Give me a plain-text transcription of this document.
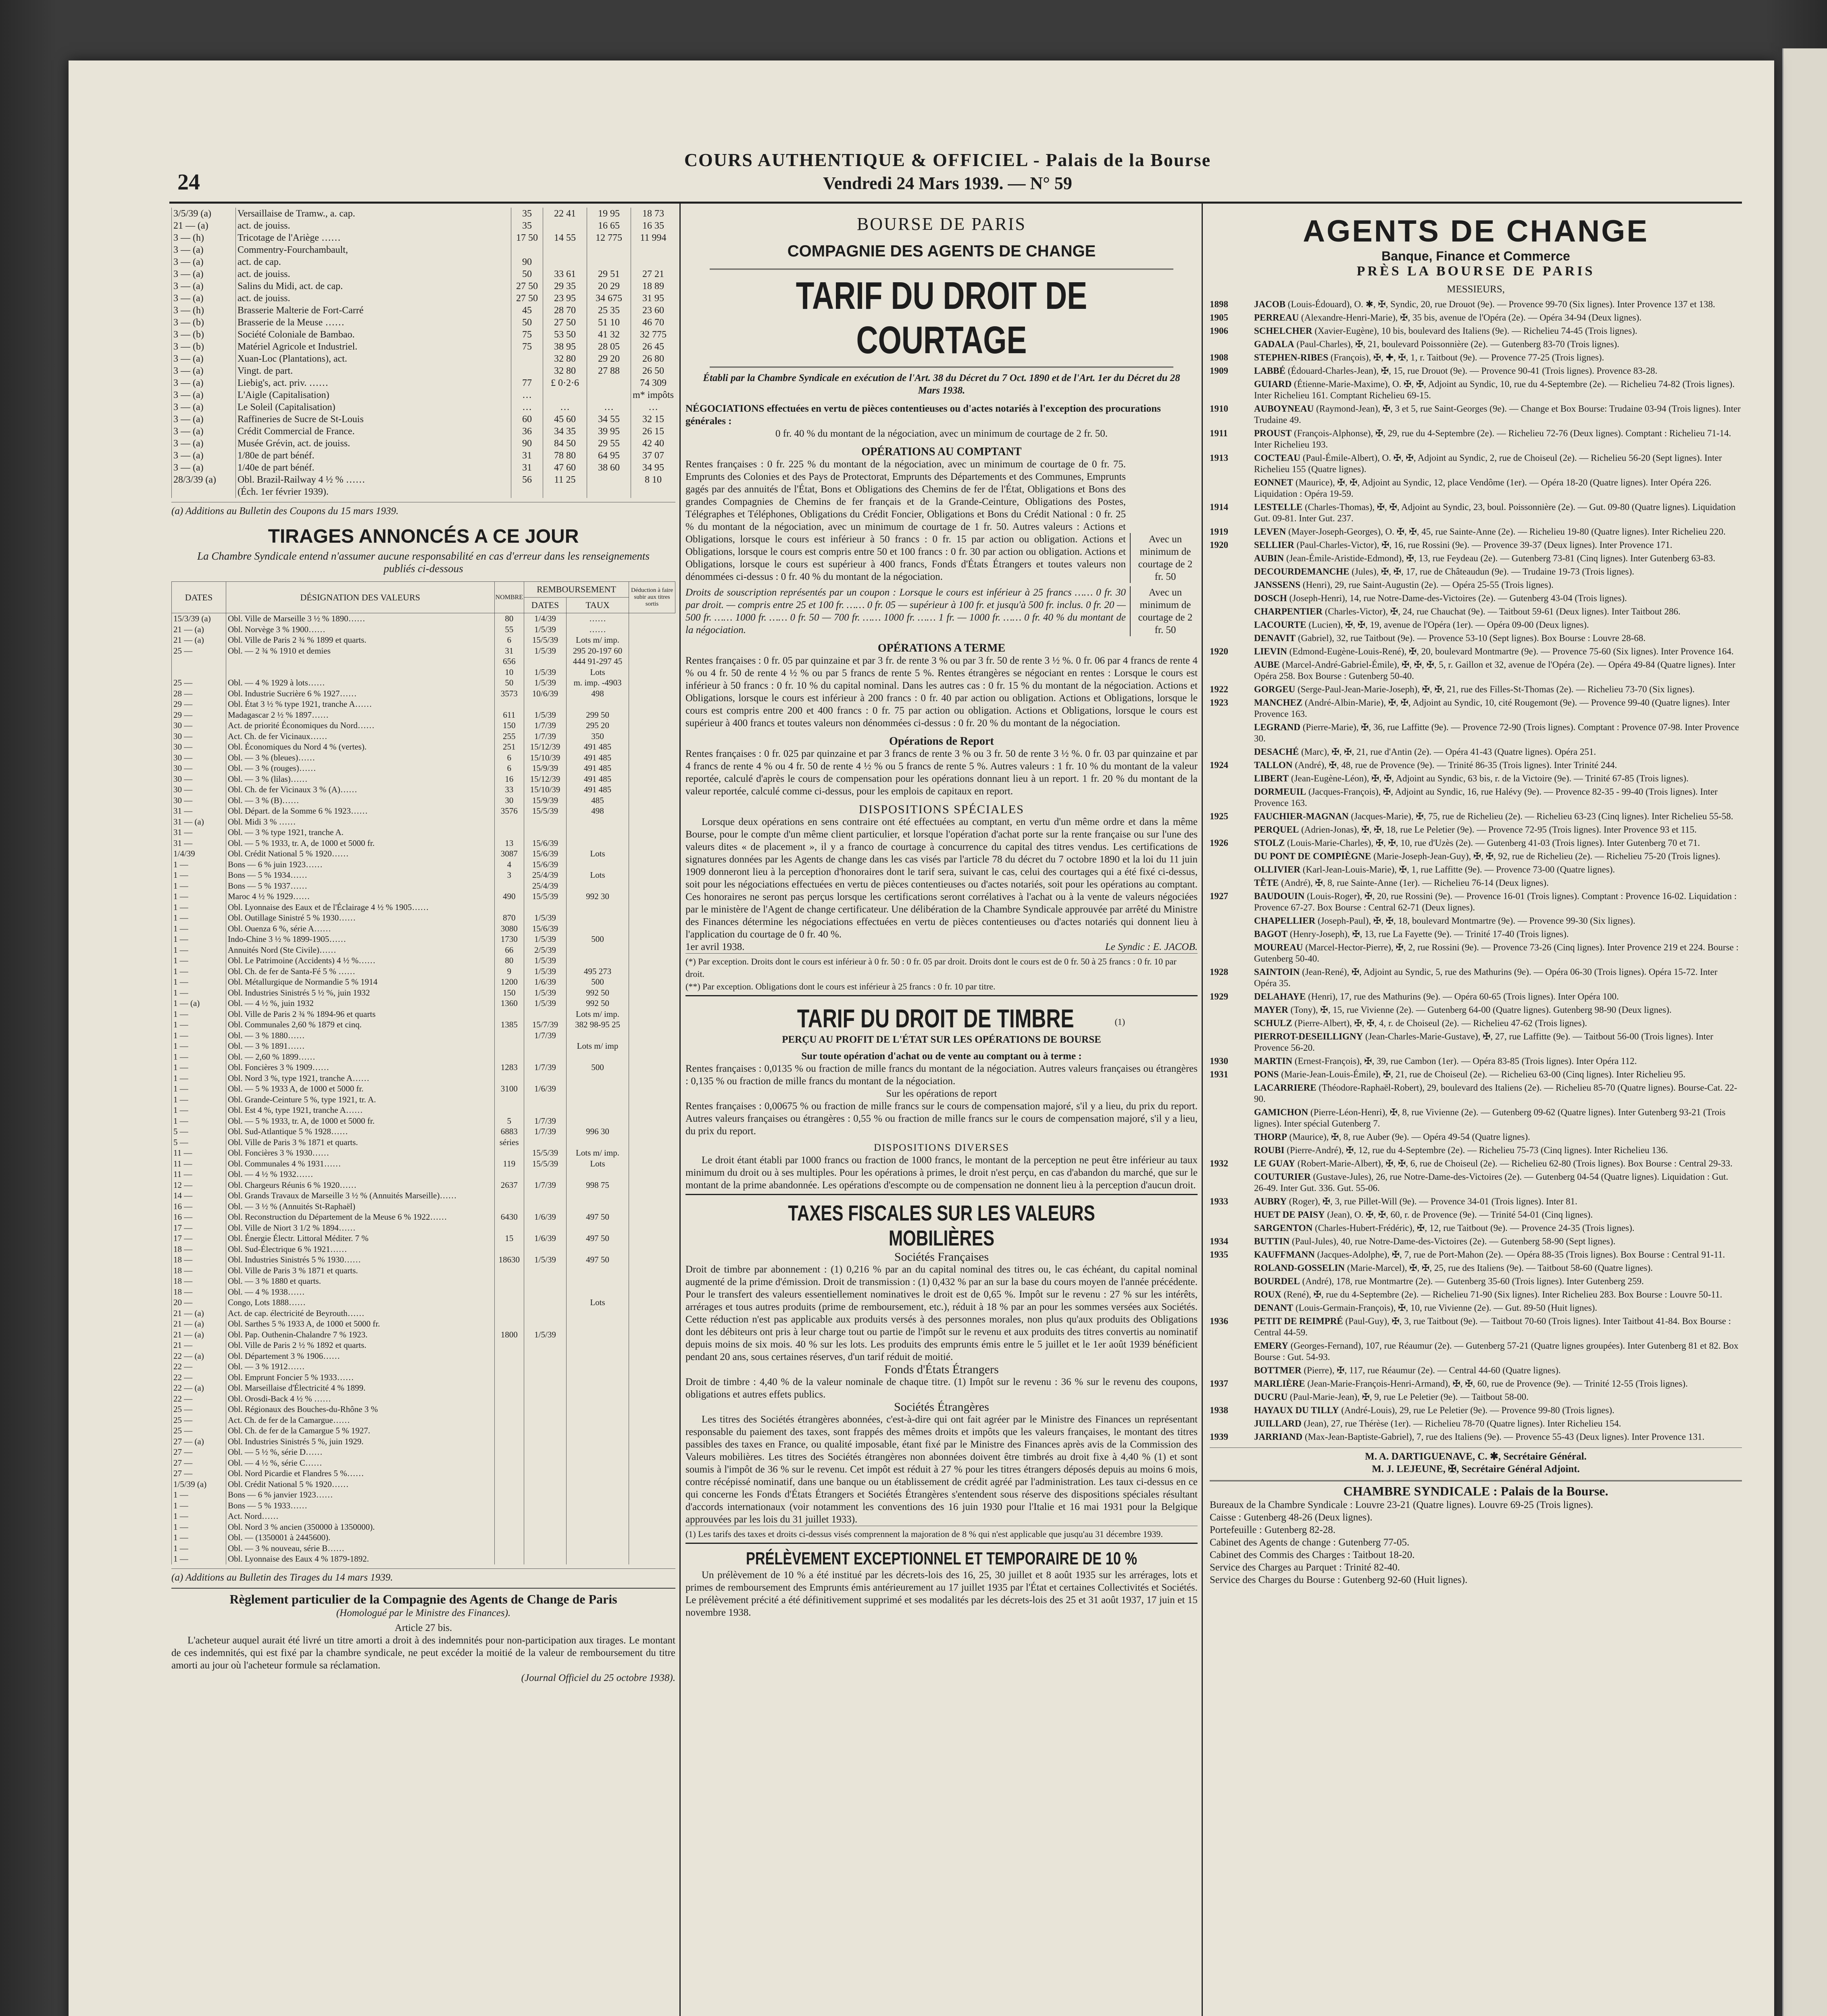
24
COURS AUTHENTIQUE & OFFICIEL - Palais de la Bourse
Vendredi 24 Mars 1939. — N° 59
3/5/39 (a)	Versaillaise de Tramw., a. cap.	35	22 41	19 95	18 73
21 — (a)	act. de jouiss.	35		16 65	16 35
3 — (h)	Tricotage de l'Ariège ……	17 50	14 55	12 775	11 994
3 — (a)	Commentry-Fourchambault,				
3 — (a)	act. de cap.	90			
3 — (a)	act. de jouiss.	50	33 61	29 51	27 21
3 — (a)	Salins du Midi, act. de cap.	27 50	29 35	20 29	18 89
3 — (a)	act. de jouiss.	27 50	23 95	34 675	31 95
3 — (h)	Brasserie Malterie de Fort-Carré	45	28 70	25 35	23 60
3 — (b)	Brasserie de la Meuse ……	50	27 50	51 10	46 70
3 — (b)	Société Coloniale de Bambao.	75	53 50	41 32	32 775
3 — (b)	Matériel Agricole et Industriel.	75	38 95	28 05	26 45
3 — (a)	Xuan-Loc (Plantations), act.		32 80	29 20	26 80
3 — (a)	Vingt. de part.		32 80	27 88	26 50
3 — (a)	Liebig's, act. priv. ……	77	£ 0·2·6		74 309
3 — (a)	L'Aigle (Capitalisation)	…			m* impôts
3 — (a)	Le Soleil (Capitalisation)	…	…	…	…
3 — (a)	Raffineries de Sucre de St-Louis	60	45 60	34 55	32 15
3 — (a)	Crédit Commercial de France.	36	34 35	39 95	26 15
3 — (a)	Musée Grévin, act. de jouiss.	90	84 50	29 55	42 40
3 — (a)	1/80e de part bénéf.	31	78 80	64 95	37 07
3 — (a)	1/40e de part bénéf.	31	47 60	38 60	34 95
28/3/39 (a)	Obl. Brazil-Railway 4 ½ % ……	56	11 25		8 10
	(Éch. 1er février 1939).				
(a) Additions au Bulletin des Coupons du 15 mars 1939.
TIRAGES ANNONCÉS A CE JOUR
La Chambre Syndicale entend n'assumer aucune responsabilité en cas d'erreur dans les renseignements publiés ci-dessous
DATES	DÉSIGNATION DES VALEURS	NOMBRE	REMBOURSEMENT		Déduction à faire subir aux titres sortis
			DATES	TAUX	
15/3/39 (a)	Obl. Ville de Marseille 3 ½ % 1890……	80	1/4/39	……	
21 — (a)	Obl. Norvège 3 % 1900……	55	1/5/39	……	
21 — (a)	Obl. Ville de Paris 2 ¾ % 1899 et quarts.	6	15/5/39	Lots m/ imp.	
25 —	Obl. — 2 ¾ % 1910 et demies	31	1/5/39	295 20-197 60	
		656		444 91-297 45	
		10	1/5/39	Lots	
25 —	Obl. — 4 % 1929 à lots……	50	1/5/39	m. imp. -4903	
28 —	Obl. Industrie Sucrière 6 % 1927……	3573	10/6/39	498	
29 —	Obl. État 3 ½ % type 1921, tranche A……				
29 —	Madagascar 2 ½ % 1897……	611	1/5/39	299 50	
30 —	Act. de priorité Économiques du Nord……	150	1/7/39	295 20	
30 —	Act. Ch. de fer Vicinaux……	255	1/7/39	350	
30 —	Obl. Économiques du Nord 4 % (vertes).	251	15/12/39	491 485	
30 —	Obl. — 3 % (bleues)……	6	15/10/39	491 485	
30 —	Obl. — 3 % (rouges)……	6	15/9/39	491 485	
30 —	Obl. — 3 % (lilas)……	16	15/12/39	491 485	
30 —	Obl. Ch. de fer Vicinaux 3 % (A)……	33	15/10/39	491 485	
30 —	Obl. — 3 % (B)……	30	15/9/39	485	
31 —	Obl. Départ. de la Somme 6 % 1923……	3576	15/5/39	498	
31 — (a)	Obl. Midi 3 % ……				
31 —	Obl. — 3 % type 1921, tranche A.				
31 —	Obl. — 5 % 1933, tr. A, de 1000 et 5000 fr.	13	15/6/39		
1/4/39	Obl. Crédit National 5 % 1920……	3087	15/6/39	Lots	
1 —	Bons — 6 % juin 1923……	4	15/6/39		
1 —	Bons — 5 % 1934……	3	25/4/39	Lots	
1 —	Bons — 5 % 1937……		25/4/39		
1 —	Maroc 4 ½ % 1929……	490	15/5/39	992 30	
1 —	Obl. Lyonnaise des Eaux et de l'Éclairage 4 ½ % 1905……				
1 —	Obl. Outillage Sinistré 5 % 1930……	870	1/5/39		
1 —	Obl. Ouenza 6 %, série A……	3080	15/6/39		
1 —	Indo-Chine 3 ½ % 1899-1905……	1730	1/5/39	500	
1 —	Annuités Nord (Ste Civile)……	66	2/5/39		
1 —	Obl. Le Patrimoine (Accidents) 4 ½ %……	80	1/5/39		
1 —	Obl. Ch. de fer de Santa-Fé 5 % ……	9	1/5/39	495 273	
1 —	Obl. Métallurgique de Normandie 5 % 1914	1200	1/6/39	500	
1 —	Obl. Industries Sinistrés 5 ½ %, juin 1932	150	1/5/39	992 50	
1 — (a)	Obl. — 4 ½ %, juin 1932	1360	1/5/39	992 50	
1 —	Obl. Ville de Paris 2 ¾ % 1894-96 et quarts			Lots m/ imp.	
1 —	Obl. Communales 2,60 % 1879 et cinq.	1385	15/7/39	382 98-95 25	
1 —	Obl. — 3 % 1880……		1/7/39		
1 —	Obl. — 3 % 1891……			Lots m/ imp	
1 —	Obl. — 2,60 % 1899……				
1 —	Obl. Foncières 3 % 1909……	1283	1/7/39	500	
1 —	Obl. Nord 3 %, type 1921, tranche A……				
1 —	Obl. — 5 % 1933 A, de 1000 et 5000 fr.	3100	1/6/39		
1 —	Obl. Grande-Ceinture 5 %, type 1921, tr. A.				
1 —	Obl. Est 4 %, type 1921, tranche A……				
1 —	Obl. — 5 % 1933, tr. A, de 1000 et 5000 fr.	5	1/7/39		
5 —	Obl. Sud-Atlantique 5 % 1928……	6883	1/7/39	996 30	
5 —	Obl. Ville de Paris 3 % 1871 et quarts.	séries			
11 —	Obl. Foncières 3 % 1930……		15/5/39	Lots m/ imp.	
11 —	Obl. Communales 4 % 1931……	119	15/5/39	Lots	
11 —	Obl. — 4 ½ % 1932……				
12 —	Obl. Chargeurs Réunis 6 % 1920……	2637	1/7/39	998 75	
14 —	Obl. Grands Travaux de Marseille 3 ½ % (Annuités Marseille)……				
16 —	Obl. — 3 ½ % (Annuités St-Raphaël)				
16 —	Obl. Reconstruction du Département de la Meuse 6 % 1922……	6430	1/6/39	497 50	
17 —	Obl. Ville de Niort 3 1/2 % 1894……				
17 —	Obl. Énergie Électr. Littoral Méditer. 7 %	15	1/6/39	497 50	
18 —	Obl. Sud-Électrique 6 % 1921……				
18 —	Obl. Industries Sinistrés 5 % 1930……	18630	1/5/39	497 50	
18 —	Obl. Ville de Paris 3 % 1871 et quarts.				
18 —	Obl. — 3 % 1880 et quarts.				
18 —	Obl. — 4 % 1938……				
20 —	Congo, Lots 1888……			Lots	
21 — (a)	Act. de cap. électricité de Beyrouth……				
21 — (a)	Obl. Sarthes 5 % 1933 A, de 1000 et 5000 fr.				
21 — (a)	Obl. Pap. Outhenin-Chalandre 7 % 1923.	1800	1/5/39		
21 —	Obl. Ville de Paris 2 ½ % 1892 et quarts.				
22 — (a)	Obl. Département 3 % 1906……				
22 —	Obl. — 3 % 1912……				
22 —	Obl. Emprunt Foncier 5 % 1933……				
22 — (a)	Obl. Marseillaise d'Électricité 4 % 1899.				
22 —	Obl. Orosdi-Back 4 ½ % ……				
25 —	Obl. Régionaux des Bouches-du-Rhône 3 %				
25 —	Act. Ch. de fer de la Camargue……				
25 —	Obl. Ch. de fer de la Camargue 5 % 1927.				
27 — (a)	Obl. Industries Sinistrés 5 %, juin 1929.				
27 —	Obl. — 5 ½ %, série D……				
27 —	Obl. — 4 ½ %, série C……				
27 —	Obl. Nord Picardie et Flandres 5 %……				
1/5/39 (a)	Obl. Crédit National 5 % 1920……				
1 —	Bons — 6 % janvier 1923……				
1 —	Bons — 5 % 1933……				
1 —	Act. Nord……				
1 —	Obl. Nord 3 % ancien (350000 à 1350000).				
1 —	Obl. — (1350001 à 2445600).				
1 —	Obl. — 3 % nouveau, série B……				
1 —	Obl. Lyonnaise des Eaux 4 % 1879-1892.				
(a) Additions au Bulletin des Tirages du 14 mars 1939.
Règlement particulier de la Compagnie des Agents de Change de Paris
(Homologué par le Ministre des Finances).
Article 27 bis.
L'acheteur auquel aurait été livré un titre amorti a droit à des indemnités pour non-participation aux tirages. Le montant de ces indemnités, qui est fixé par la chambre syndicale, ne peut excéder la moitié de la valeur de remboursement du titre amorti au jour où l'acheteur formule sa réclamation.
(Journal Officiel du 25 octobre 1938).
BOURSE DE PARIS
COMPAGNIE DES AGENTS DE CHANGE
TARIF DU DROIT DE COURTAGE
Établi par la Chambre Syndicale en exécution de l'Art. 38 du Décret du 7 Oct. 1890 et de l'Art. 1er du Décret du 28 Mars 1938.
NÉGOCIATIONS effectuées en vertu de pièces contentieuses ou d'actes notariés à l'exception des procurations générales :
0 fr. 40 % du montant de la négociation, avec un minimum de courtage de 2 fr. 50.
OPÉRATIONS AU COMPTANT
Rentes françaises : 0 fr. 225 % du montant de la négociation, avec un minimum de courtage de 0 fr. 75. Emprunts des Colonies et des Pays de Protectorat, Emprunts des Départements et des Communes, Emprunts gagés par des annuités de l'État, Bons et Obligations des Chemins de fer de l'État, Obligations et Bons des grandes Compagnies de Chemins de fer français et de la Grande-Ceinture, Obligations des Postes, Télégraphes et Téléphones, Obligations du Crédit Foncier, Obligations et Bons du Crédit National : 0 fr. 25 % du montant de la négociation, avec un minimum de courtage de 1 fr. 50. Autres valeurs : Actions et Obligations, lorsque le cours est inférieur à 50 francs : 0 fr. 15 par action ou obligation. Actions et Obligations, lorsque le cours est compris entre 50 et 100 francs : 0 fr. 30 par action ou obligation. Actions et Obligations, lorsque le cours est supérieur à 400 francs, Fonds d'États Étrangers et toutes valeurs non dénommées ci-dessus : 0 fr. 40 % du montant de la négociation.
Avec un minimum de courtage de 2 fr. 50
Droits de souscription représentés par un coupon : Lorsque le cours est inférieur à 25 francs …… 0 fr. 30 par droit. — compris entre 25 et 100 fr. …… 0 fr. 05 — supérieur à 100 fr. et jusqu'à 500 fr. inclus. 0 fr. 20 — 500 fr. …… 1000 fr. …… 0 fr. 50 — 700 fr. …… 1000 fr. …… 1 fr. — 1000 fr. …… 0 fr. 40 % du montant de la négociation.
Avec un minimum de courtage de 2 fr. 50
OPÉRATIONS A TERME
Rentes françaises : 0 fr. 05 par quinzaine et par 3 fr. de rente 3 % ou par 3 fr. 50 de rente 3 ½ %. 0 fr. 06 par 4 francs de rente 4 % ou 4 fr. 50 de rente 4 ½ % ou par 5 francs de rente 5 %. Rentes étrangères se négociant en rentes : Lorsque le cours est inférieur à 50 francs : 0 fr. 10 % du capital nominal. Dans les autres cas : 0 fr. 15 % du montant de la négociation. Actions et Obligations, lorsque le cours est inférieur à 200 francs : 0 fr. 40 par action ou obligation. Actions et Obligations, lorsque le cours est compris entre 200 et 400 francs : 0 fr. 75 par action ou obligation. Actions et Obligations, lorsque le cours est supérieur à 400 francs et toutes valeurs non dénommées ci-dessus : 0 fr. 20 % du montant de la négociation.
Opérations de Report
Rentes françaises : 0 fr. 025 par quinzaine et par 3 francs de rente 3 % ou 3 fr. 50 de rente 3 ½ %. 0 fr. 03 par quinzaine et par 4 francs de rente 4 % ou 4 fr. 50 de rente 4 ½ % ou 5 francs de rente 5 %. Autres valeurs : 1 fr. 10 % du montant de la valeur reportée, calculé d'après le cours de compensation pour les opérations donnant lieu à un report. 1 fr. 20 % du montant de la valeur reportée, calculé comme ci-dessus, pour les emplois de capitaux en report.
DISPOSITIONS SPÉCIALES
Lorsque deux opérations en sens contraire ont été effectuées au comptant, en vertu d'un même ordre et dans la même Bourse, pour le compte d'un même client particulier, et lorsque l'opération d'achat porte sur la rente française ou sur l'une des valeurs dites « de placement », il y a franco de courtage à concurrence du capital des titres vendus. Les certifications de signatures données par les Agents de change dans les cas visés par l'article 78 du décret du 7 octobre 1890 et la loi du 11 juin 1909 donneront lieu à la perception d'honoraires dont le tarif sera, suivant le cas, celui des courtages qui a été fixé ci-dessus, soit pour les négociations effectuées en vertu de pièces contentieuses ou d'actes notariés, soit pour les opérations au comptant. Ces honoraires ne seront pas perçus lorsque les certifications seront corrélatives à l'achat ou à la vente de valeurs négociées par le ministère de l'Agent de change certificateur. Une délibération de la Chambre Syndicale approuvée par arrêté du Ministre des Finances détermine les négociations effectuées en vertu de pièces contentieuses ou d'actes notariés qui donnent lieu à l'application du courtage de 0 fr. 40 %.
1er avril 1938.	Le Syndic : E. JACOB.
(*) Par exception. Droits dont le cours est inférieur à 0 fr. 50 : 0 fr. 05 par droit. Droits dont le cours est de 0 fr. 50 à 25 francs : 0 fr. 10 par droit.
(**) Par exception. Obligations dont le cours est inférieur à 25 francs : 0 fr. 10 par titre.
TARIF DU DROIT DE TIMBRE	$^{(1)}$
PERÇU AU PROFIT DE L'ÉTAT SUR LES OPÉRATIONS DE BOURSE
Sur toute opération d'achat ou de vente au comptant ou à terme :
Rentes françaises : 0,0135 % ou fraction de mille francs du montant de la négociation. Autres valeurs françaises ou étrangères : 0,135 % ou fraction de mille francs du montant de la négociation.
Sur les opérations de report
Rentes françaises : 0,00675 % ou fraction de mille francs sur le cours de compensation majoré, s'il y a lieu, du prix du report. Autres valeurs françaises ou étrangères : 0,55 % ou fraction de mille francs sur le cours de compensation majoré, s'il y a lieu, du prix du report.
DISPOSITIONS DIVERSES
Le droit étant établi par 1000 francs ou fraction de 1000 francs, le montant de la perception ne peut être inférieur au taux minimum du droit ou à ses multiples. Pour les opérations à primes, le droit n'est perçu, en cas d'abandon du marché, que sur le montant de la prime abandonnée. Les opérations d'escompte ou de compensation ne donnent lieu à la perception d'aucun droit.
TAXES FISCALES SUR LES VALEURS MOBILIÈRES
Sociétés Françaises
Droit de timbre par abonnement : (1) 0,216 % par an du capital nominal des titres ou, le cas échéant, du capital nominal augmenté de la prime d'émission. Droit de transmission : (1) 0,432 % par an sur la base du cours moyen de l'année précédente. Pour le transfert des valeurs essentiellement nominatives le droit est de 0,65 %. Impôt sur le revenu : 27 % sur les intérêts, arrérages et tous autres produits (prime de remboursement, etc.), réduit à 18 % par an pour les sommes versées aux Sociétés. Cette réduction n'est pas applicable aux produits versés à des personnes morales, non plus qu'aux produits des Obligations dont les débiteurs ont pris à leur charge tout ou partie de l'impôt sur le revenu et aux produits des titres convertis au nominatif depuis moins de six mois. 40 % sur les lots. Les produits des emprunts émis entre le 5 juillet et le 1er août 1939 bénéficient pendant 20 ans, sous certaines réserves, d'un tarif réduit de moitié.
Fonds d'États Étrangers
Droit de timbre : 4,40 % de la valeur nominale de chaque titre. (1) Impôt sur le revenu : 36 % sur le revenu des coupons, obligations et autres effets publics.
Sociétés Étrangères
Les titres des Sociétés étrangères abonnées, c'est-à-dire qui ont fait agréer par le Ministre des Finances un représentant responsable du paiement des taxes, sont frappés des mêmes droits et impôts que les valeurs françaises, le montant des titres passibles des taxes en France, ou qualité imposable, étant fixé par le Ministre des Finances après avis de la Commission des Valeurs mobilières. Les titres des Sociétés étrangères non abonnées doivent être timbrés au droit fixe à 4,40 % (1) et sont soumis à l'impôt de 36 % sur le revenu. Cet impôt est réduit à 27 % pour les titres étrangers déposés depuis au moins 6 mois, contre récépissé nominatif, dans une banque ou un établissement de crédit agréé par l'administration. Les taux ci-dessus en ce qui concerne les Fonds d'États Étrangers et Sociétés Étrangères s'entendent sous réserve des dispositions spéciales résultant d'accords internationaux (voir notamment les conventions des 16 juin 1930 pour l'Italie et 16 mai 1931 pour la Belgique approuvées par les lois du 31 juillet 1933).
(1) Les tarifs des taxes et droits ci-dessus visés comprennent la majoration de 8 % qui n'est applicable que jusqu'au 31 décembre 1939.
PRÉLÈVEMENT EXCEPTIONNEL ET TEMPORAIRE DE 10 %
Un prélèvement de 10 % a été institué par les décrets-lois des 16, 25, 30 juillet et 8 août 1935 sur les arrérages, lots et primes de remboursement des Emprunts émis antérieurement au 17 juillet 1935 par l'État et certaines Collectivités et Sociétés. Le prélèvement précité a été définitivement supprimé et ses modalités par les décrets-lois des 25 et 31 août 1937, 17 juin et 15 novembre 1938.
AGENTS DE CHANGE
Banque, Finance et Commerce
PRÈS LA BOURSE DE PARIS
MESSIEURS,
1898	JACOB (Louis-Édouard), O. ✱, ✠, Syndic, 20, rue Drouot (9e). — Provence 99-70 (Six lignes). Inter Provence 137 et 138.
1905	PERREAU (Alexandre-Henri-Marie), ✠, 35 bis, avenue de l'Opéra (2e). — Opéra 34-94 (Deux lignes).
1906	SCHELCHER (Xavier-Eugène), 10 bis, boulevard des Italiens (9e). — Richelieu 74-45 (Trois lignes).
GADALA (Paul-Charles), ✠, 21, boulevard Poissonnière (2e). — Gutenberg 83-70 (Trois lignes).
1908	STEPHEN-RIBES (François), ✠, ✚, ✠, 1, r. Taitbout (9e). — Provence 77-25 (Trois lignes).
1909	LABBÉ (Édouard-Charles-Jean), ✠, 15, rue Drouot (9e). — Provence 90-41 (Trois lignes). Provence 83-28.
GUIARD (Étienne-Marie-Maxime), O. ✠, ✠, Adjoint au Syndic, 10, rue du 4-Septembre (2e). — Richelieu 74-82 (Trois lignes). Inter Richelieu 161. Comptant Richelieu 69-15.
1910	AUBOYNEAU (Raymond-Jean), ✠, 3 et 5, rue Saint-Georges (9e). — Change et Box Bourse: Trudaine 03-94 (Trois lignes). Inter Trudaine 49.
1911	PROUST (François-Alphonse), ✠, 29, rue du 4-Septembre (2e). — Richelieu 72-76 (Deux lignes). Comptant : Richelieu 71-14. Inter Richelieu 193.
1913	COCTEAU (Paul-Émile-Albert), O. ✠, ✠, Adjoint au Syndic, 2, rue de Choiseul (2e). — Richelieu 56-20 (Sept lignes). Inter Richelieu 155 (Quatre lignes).
EONNET (Maurice), ✠, ✠, Adjoint au Syndic, 12, place Vendôme (1er). — Opéra 18-20 (Quatre lignes). Inter Opéra 226. Liquidation : Opéra 19-59.
1914	LESTELLE (Charles-Thomas), ✠, ✠, Adjoint au Syndic, 23, boul. Poissonnière (2e). — Gut. 09-80 (Quatre lignes). Liquidation Gut. 09-81. Inter Gut. 237.
1919	LEVEN (Mayer-Joseph-Georges), O. ✠, ✠, 45, rue Sainte-Anne (2e). — Richelieu 19-80 (Quatre lignes). Inter Richelieu 220.
1920	SELLIER (Paul-Charles-Victor), ✠, 16, rue Rossini (9e). — Provence 39-37 (Deux lignes). Inter Provence 171.
AUBIN (Jean-Émile-Aristide-Edmond), ✠, 13, rue Feydeau (2e). — Gutenberg 73-81 (Cinq lignes). Inter Gutenberg 63-83.
DECOURDEMANCHE (Jules), ✠, ✠, 17, rue de Châteaudun (9e). — Trudaine 19-73 (Trois lignes).
JANSSENS (Henri), 29, rue Saint-Augustin (2e). — Opéra 25-55 (Trois lignes).
DOSCH (Joseph-Henri), 14, rue Notre-Dame-des-Victoires (2e). — Gutenberg 43-04 (Trois lignes).
CHARPENTIER (Charles-Victor), ✠, 24, rue Chauchat (9e). — Taitbout 59-61 (Deux lignes). Inter Taitbout 286.
LACOURTE (Lucien), ✠, ✠, 19, avenue de l'Opéra (1er). — Opéra 09-00 (Deux lignes).
DENAVIT (Gabriel), 32, rue Taitbout (9e). — Provence 53-10 (Sept lignes). Box Bourse : Louvre 28-68.
1920	LIEVIN (Edmond-Eugène-Louis-René), ✠, 20, boulevard Montmartre (9e). — Provence 75-60 (Six lignes). Inter Provence 164.
AUBE (Marcel-André-Gabriel-Émile), ✠, ✠, ✠, 5, r. Gaillon et 32, avenue de l'Opéra (2e). — Opéra 49-84 (Quatre lignes). Inter Opéra 258. Box Bourse : Gutenberg 50-40.
1922	GORGEU (Serge-Paul-Jean-Marie-Joseph), ✠, ✠, 21, rue des Filles-St-Thomas (2e). — Richelieu 73-70 (Six lignes).
1923	MANCHEZ (André-Albin-Marie), ✠, ✠, Adjoint au Syndic, 10, cité Rougemont (9e). — Provence 99-40 (Quatre lignes). Inter Provence 163.
LEGRAND (Pierre-Marie), ✠, 36, rue Laffitte (9e). — Provence 72-90 (Trois lignes). Comptant : Provence 07-98. Inter Provence 30.
DESACHÉ (Marc), ✠, ✠, 21, rue d'Antin (2e). — Opéra 41-43 (Quatre lignes). Opéra 251.
1924	TALLON (André), ✠, 48, rue de Provence (9e). — Trinité 86-35 (Trois lignes). Inter Trinité 244.
LIBERT (Jean-Eugène-Léon), ✠, ✠, Adjoint au Syndic, 63 bis, r. de la Victoire (9e). — Trinité 67-85 (Trois lignes).
DORMEUIL (Jacques-François), ✠, Adjoint au Syndic, 16, rue Halévy (9e). — Provence 82-35 - 99-40 (Trois lignes). Inter Provence 163.
1925	FAUCHIER-MAGNAN (Jacques-Marie), ✠, 75, rue de Richelieu (2e). — Richelieu 63-23 (Cinq lignes). Inter Richelieu 55-58.
PERQUEL (Adrien-Jonas), ✠, ✠, 18, rue Le Peletier (9e). — Provence 72-95 (Trois lignes). Inter Provence 93 et 115.
1926	STOLZ (Louis-Marie-Charles), ✠, ✠, 10, rue d'Uzès (2e). — Gutenberg 41-03 (Trois lignes). Inter Gutenberg 70 et 71.
DU PONT DE COMPIÈGNE (Marie-Joseph-Jean-Guy), ✠, ✠, 92, rue de Richelieu (2e). — Richelieu 75-20 (Trois lignes).
OLLIVIER (Karl-Jean-Louis-Marie), ✠, 1, rue Laffitte (9e). — Provence 73-00 (Quatre lignes).
TÊTE (André), ✠, 8, rue Sainte-Anne (1er). — Richelieu 76-14 (Deux lignes).
1927	BAUDOUIN (Louis-Roger), ✠, 20, rue Rossini (9e). — Provence 16-01 (Trois lignes). Comptant : Provence 16-02. Liquidation : Provence 67-27. Box Bourse : Central 62-71 (Deux lignes).
CHAPELLIER (Joseph-Paul), ✠, ✠, 18, boulevard Montmartre (9e). — Provence 99-30 (Six lignes).
BAGOT (Henry-Joseph), ✠, 13, rue La Fayette (9e). — Trinité 17-40 (Trois lignes).
MOUREAU (Marcel-Hector-Pierre), ✠, 2, rue Rossini (9e). — Provence 73-26 (Cinq lignes). Inter Provence 219 et 224. Bourse : Gutenberg 50-40.
1928	SAINTOIN (Jean-René), ✠, Adjoint au Syndic, 5, rue des Mathurins (9e). — Opéra 06-30 (Trois lignes). Opéra 15-72. Inter Opéra 35.
1929	DELAHAYE (Henri), 17, rue des Mathurins (9e). — Opéra 60-65 (Trois lignes). Inter Opéra 100.
MAYER (Tony), ✠, 15, rue Vivienne (2e). — Gutenberg 64-00 (Quatre lignes). Gutenberg 98-90 (Deux lignes).
SCHULZ (Pierre-Albert), ✠, ✠, 4, r. de Choiseul (2e). — Richelieu 47-62 (Trois lignes).
PIERROT-DESEILLIGNY (Jean-Charles-Marie-Gustave), ✠, 27, rue Laffitte (9e). — Taitbout 56-00 (Trois lignes). Inter Provence 56-20.
1930	MARTIN (Ernest-François), ✠, 39, rue Cambon (1er). — Opéra 83-85 (Trois lignes). Inter Opéra 112.
1931	PONS (Marie-Jean-Louis-Émile), ✠, 21, rue de Choiseul (2e). — Richelieu 63-00 (Cinq lignes). Inter Richelieu 95.
LACARRIERE (Théodore-Raphaël-Robert), 29, boulevard des Italiens (2e). — Richelieu 85-70 (Quatre lignes). Bourse-Cat. 22-90.
GAMICHON (Pierre-Léon-Henri), ✠, 8, rue Vivienne (2e). — Gutenberg 09-62 (Quatre lignes). Inter Gutenberg 93-21 (Trois lignes). Inter spécial Gutenberg 7.
THORP (Maurice), ✠, 8, rue Auber (9e). — Opéra 49-54 (Quatre lignes).
ROUBI (Pierre-André), ✠, 12, rue du 4-Septembre (2e). — Richelieu 75-73 (Cinq lignes). Inter Richelieu 136.
1932	LE GUAY (Robert-Marie-Albert), ✠, ✠, 6, rue de Choiseul (2e). — Richelieu 62-80 (Trois lignes). Box Bourse : Central 29-33.
COUTURIER (Gustave-Jules), 26, rue Notre-Dame-des-Victoires (2e). — Gutenberg 04-54 (Quatre lignes). Liquidation : Gut. 26-49. Inter Gut. 336. Gut. 55-06.
1933	AUBRY (Roger), ✠, 3, rue Pillet-Will (9e). — Provence 34-01 (Trois lignes). Inter 81.
HUET DE PAISY (Jean), O. ✠, ✠, 60, r. de Provence (9e). — Trinité 54-01 (Cinq lignes).
SARGENTON (Charles-Hubert-Frédéric), ✠, 12, rue Taitbout (9e). — Provence 24-35 (Trois lignes).
1934	BUTTIN (Paul-Jules), 40, rue Notre-Dame-des-Victoires (2e). — Gutenberg 58-90 (Sept lignes).
1935	KAUFFMANN (Jacques-Adolphe), ✠, 7, rue de Port-Mahon (2e). — Opéra 88-35 (Trois lignes). Box Bourse : Central 91-11.
ROLAND-GOSSELIN (Marie-Marcel), ✠, ✠, 25, rue des Italiens (9e). — Taitbout 58-60 (Quatre lignes).
BOURDEL (André), 178, rue Montmartre (2e). — Gutenberg 35-60 (Trois lignes). Inter Gutenberg 259.
ROUX (René), ✠, rue du 4-Septembre (2e). — Richelieu 71-90 (Six lignes). Inter Richelieu 283. Box Bourse : Louvre 50-11.
DENANT (Louis-Germain-François), ✠, 10, rue Vivienne (2e). — Gut. 89-50 (Huit lignes).
1936	PETIT DE REIMPRÉ (Paul-Guy), ✠, 3, rue Taitbout (9e). — Taitbout 70-60 (Trois lignes). Inter Taitbout 41-84. Box Bourse : Central 44-59.
EMERY (Georges-Fernand), 107, rue Réaumur (2e). — Gutenberg 57-21 (Quatre lignes groupées). Inter Gutenberg 81 et 82. Box Bourse : Gut. 54-93.
BOTTMER (Pierre), ✠, 117, rue Réaumur (2e). — Central 44-60 (Quatre lignes).
1937	MARLIÈRE (Jean-Marie-François-Henri-Armand), ✠, ✠, 60, rue de Provence (9e). — Trinité 12-55 (Trois lignes).
DUCRU (Paul-Marie-Jean), ✠, 9, rue Le Peletier (9e). — Taitbout 58-00.
1938	HAYAUX DU TILLY (André-Louis), 29, rue Le Peletier (9e). — Provence 99-80 (Trois lignes).
JUILLARD (Jean), 27, rue Thérèse (1er). — Richelieu 78-70 (Quatre lignes). Inter Richelieu 154.
1939	JARRIAND (Max-Jean-Baptiste-Gabriel), 7, rue des Italiens (9e). — Provence 55-43 (Deux lignes). Inter Provence 131.
M. A. DARTIGUENAVE, C. ✱, Secrétaire Général.
M. J. LEJEUNE, ✠, Secrétaire Général Adjoint.
CHAMBRE SYNDICALE : Palais de la Bourse.
Bureaux de la Chambre Syndicale : Louvre 23-21 (Quatre lignes). Louvre 69-25 (Trois lignes).
Caisse : Gutenberg 48-26 (Deux lignes).
Portefeuille : Gutenberg 82-28.
Cabinet des Agents de change : Gutenberg 77-05.
Cabinet des Commis des Charges : Taitbout 18-20.
Service des Charges au Parquet : Trinité 82-40.
Service des Charges du Bourse : Gutenberg 92-60 (Huit lignes).
